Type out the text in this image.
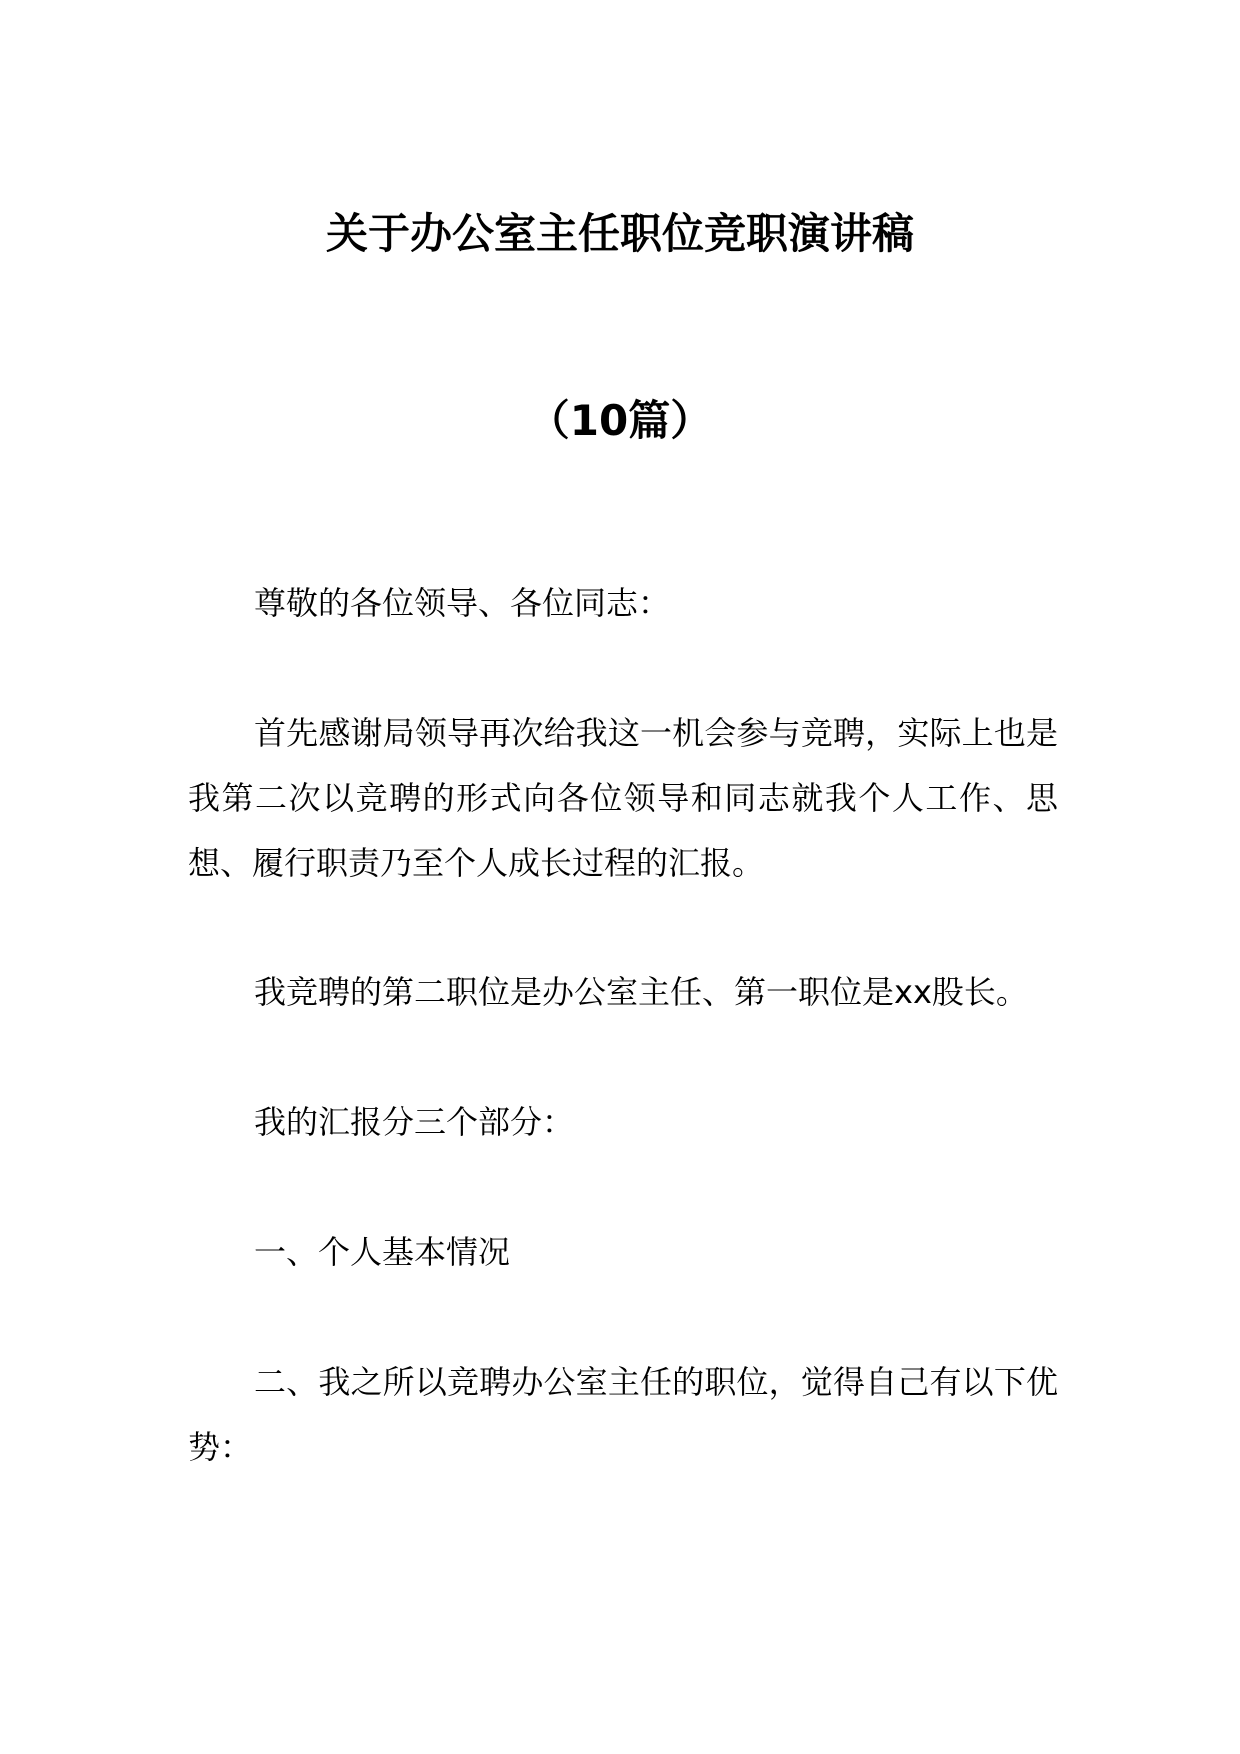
关于办公室主任职位竞职演讲稿
（10篇）

尊敬的各位领导、各位同志：

首先感谢局领导再次给我这一机会参与竞聘，实际上也是我第二次以竞聘的形式向各位领导和同志就我个人工作、思想、履行职责乃至个人成长过程的汇报。

我竞聘的第二职位是办公室主任、第一职位是xx股长。

我的汇报分三个部分：

一、个人基本情况

二、我之所以竞聘办公室主任的职位，觉得自己有以下优势：
